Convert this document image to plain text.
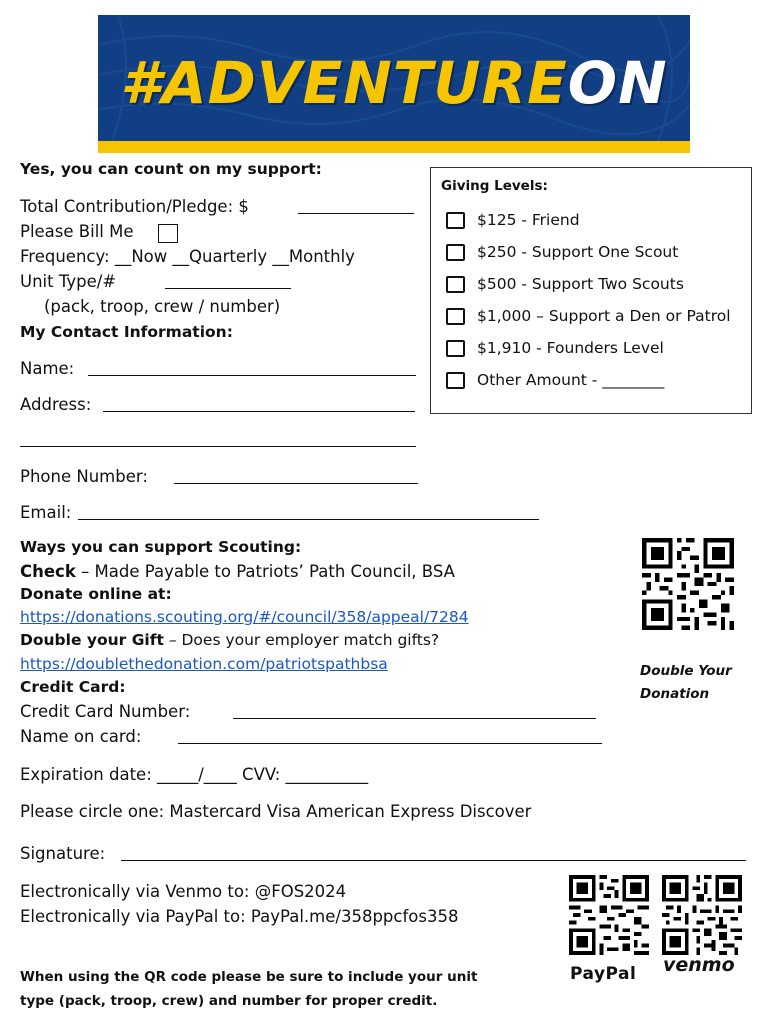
#ADVENTUREON
Yes, you can count on my support:
Total Contribution/Pledge: $
Please Bill Me
Frequency: __Now __Quarterly __Monthly
Unit Type/#
(pack, troop, crew / number)
My Contact Information:
Name:
Address:
Phone Number:
Email:
Giving Levels:
$125 - Friend
$250 - Support One Scout
$500 - Support Two Scouts
$1,000 – Support a Den or Patrol
$1,910 - Founders Level
Other Amount - ________
Ways you can support Scouting:
Check – Made Payable to Patriots’ Path Council, BSA
Donate online at:
https://donations.scouting.org/#/council/358/appeal/7284
Double your Gift – Does your employer match gifts?
https://doublethedonation.com/patriotspathbsa
Credit Card:
Credit Card Number:
Name on card:
Expiration date: _____/____ CVV: __________
Please circle one: Mastercard Visa American Express Discover
Signature:
Double Your
Donation
Electronically via Venmo to: @FOS2024
Electronically via PayPal to: PayPal.me/358ppcfos358
PayPal venmo
When using the QR code please be sure to include your unit
type (pack, troop, crew) and number for proper credit.
